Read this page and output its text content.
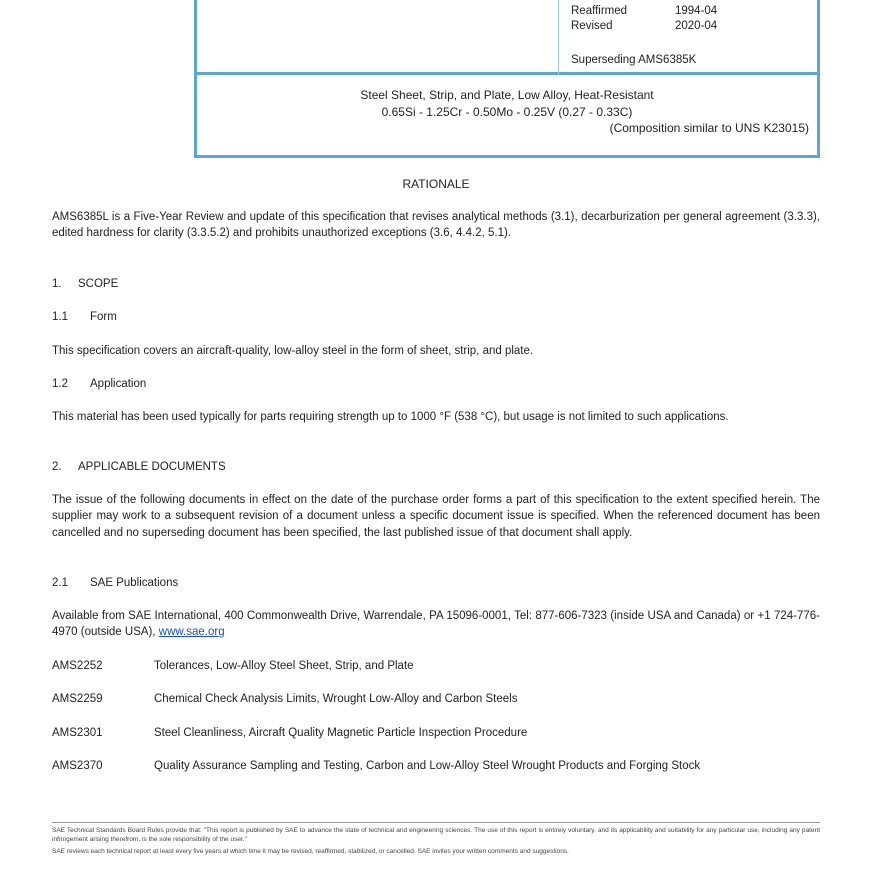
Reaffirmed	1994-04
Revised	2020-04
Superseding AMS6385K
Steel Sheet, Strip, and Plate, Low Alloy, Heat-Resistant
0.65Si - 1.25Cr - 0.50Mo - 0.25V (0.27 - 0.33C)
(Composition similar to UNS K23015)
RATIONALE

AMS6385L is a Five-Year Review and update of this specification that revises analytical methods (3.1), decarburization per general agreement (3.3.3), edited hardness for clarity (3.3.5.2) and prohibits unauthorized exceptions (3.6, 4.4.2, 5.1).

1. SCOPE
1.1 Form

This specification covers an aircraft-quality, low-alloy steel in the form of sheet, strip, and plate.

1.2 Application

This material has been used typically for parts requiring strength up to 1000 °F (538 °C), but usage is not limited to such applications.

2. APPLICABLE DOCUMENTS

The issue of the following documents in effect on the date of the purchase order forms a part of this specification to the extent specified herein. The supplier may work to a subsequent revision of a document unless a specific document issue is specified. When the referenced document has been cancelled and no superseding document has been specified, the last published issue of that document shall apply.

2.1 SAE Publications

Available from SAE International, 400 Commonwealth Drive, Warrendale, PA 15096-0001, Tel: 877-606-7323 (inside USA and Canada) or +1 724-776-4970 (outside USA), www.sae.org

AMS2252	Tolerances, Low-Alloy Steel Sheet, Strip, and Plate
AMS2259	Chemical Check Analysis Limits, Wrought Low-Alloy and Carbon Steels
AMS2301	Steel Cleanliness, Aircraft Quality Magnetic Particle Inspection Procedure
AMS2370	Quality Assurance Sampling and Testing, Carbon and Low-Alloy Steel Wrought Products and Forging Stock

SAE Technical Standards Board Rules provide that: "This report is published by SAE to advance the state of technical and engineering sciences. The use of this report is entirely voluntary, and its applicability and suitability for any particular use, including any patent infringement arising therefrom, is the sole responsibility of the user."

SAE reviews each technical report at least every five years at which time it may be revised, reaffirmed, stabilized, or cancelled. SAE invites your written comments and suggestions.
